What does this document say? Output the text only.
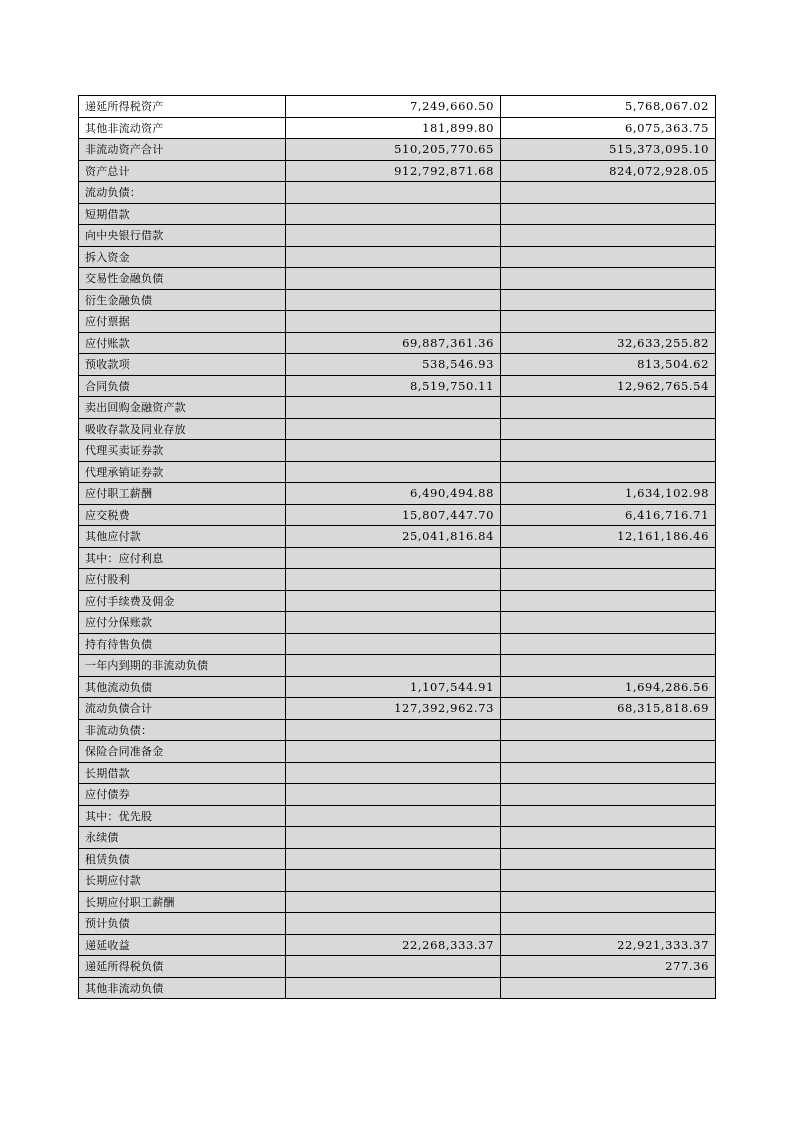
递延所得税资产	7,249,660.50	5,768,067.02
其他非流动资产	181,899.80	6,075,363.75
非流动资产合计	510,205,770.65	515,373,095.10
资产总计	912,792,871.68	824,072,928.05
流动负债：		
短期借款		
向中央银行借款		
拆入资金		
交易性金融负债		
衍生金融负债		
应付票据		
应付账款	69,887,361.36	32,633,255.82
预收款项	538,546.93	813,504.62
合同负债	8,519,750.11	12,962,765.54
卖出回购金融资产款		
吸收存款及同业存放		
代理买卖证券款		
代理承销证券款		
应付职工薪酬	6,490,494.88	1,634,102.98
应交税费	15,807,447.70	6,416,716.71
其他应付款	25,041,816.84	12,161,186.46
其中：应付利息		
应付股利		
应付手续费及佣金		
应付分保账款		
持有待售负债		
一年内到期的非流动负债		
其他流动负债	1,107,544.91	1,694,286.56
流动负债合计	127,392,962.73	68,315,818.69
非流动负债：		
保险合同准备金		
长期借款		
应付债券		
其中：优先股		
永续债		
租赁负债		
长期应付款		
长期应付职工薪酬		
预计负债		
递延收益	22,268,333.37	22,921,333.37
递延所得税负债		277.36
其他非流动负债		
